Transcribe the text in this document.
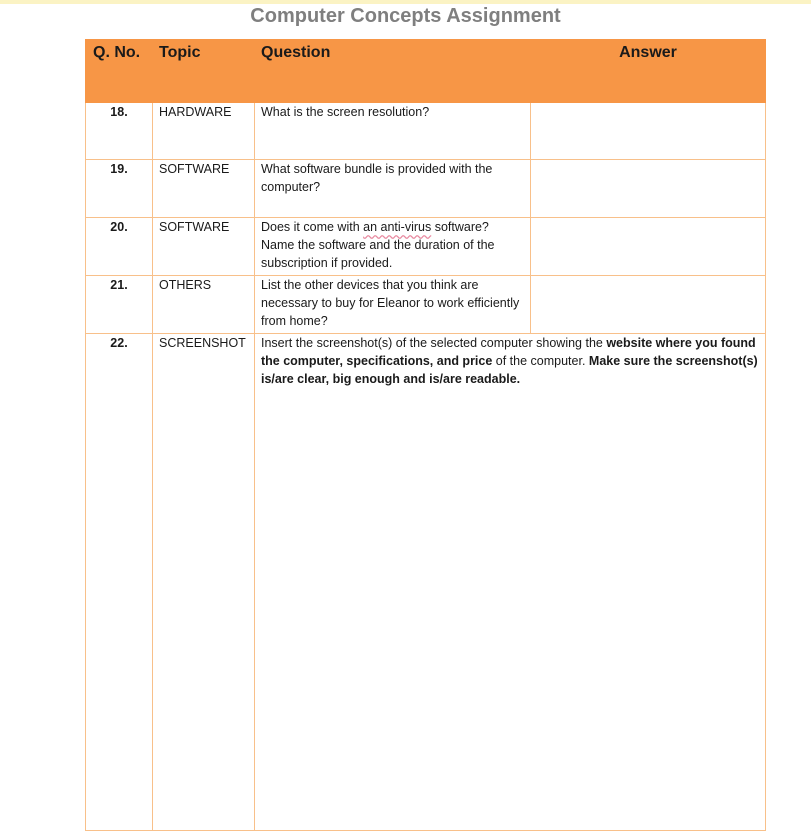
Computer Concepts Assignment
Q. No.	Topic	Question	Answer
18.	HARDWARE	What is the screen resolution?	
19.	SOFTWARE	What software bundle is provided with the computer?	
20.	SOFTWARE	Does it come with an anti-virus software? Name the software and the duration of the subscription if provided.	
21.	OTHERS	List the other devices that you think are necessary to buy for Eleanor to work efficiently from home?	
22.	SCREENSHOT	Insert the screenshot(s) of the selected computer showing the website where you found the computer, specifications, and price of the computer. Make sure the screenshot(s) is/are clear, big enough and is/are readable.	
